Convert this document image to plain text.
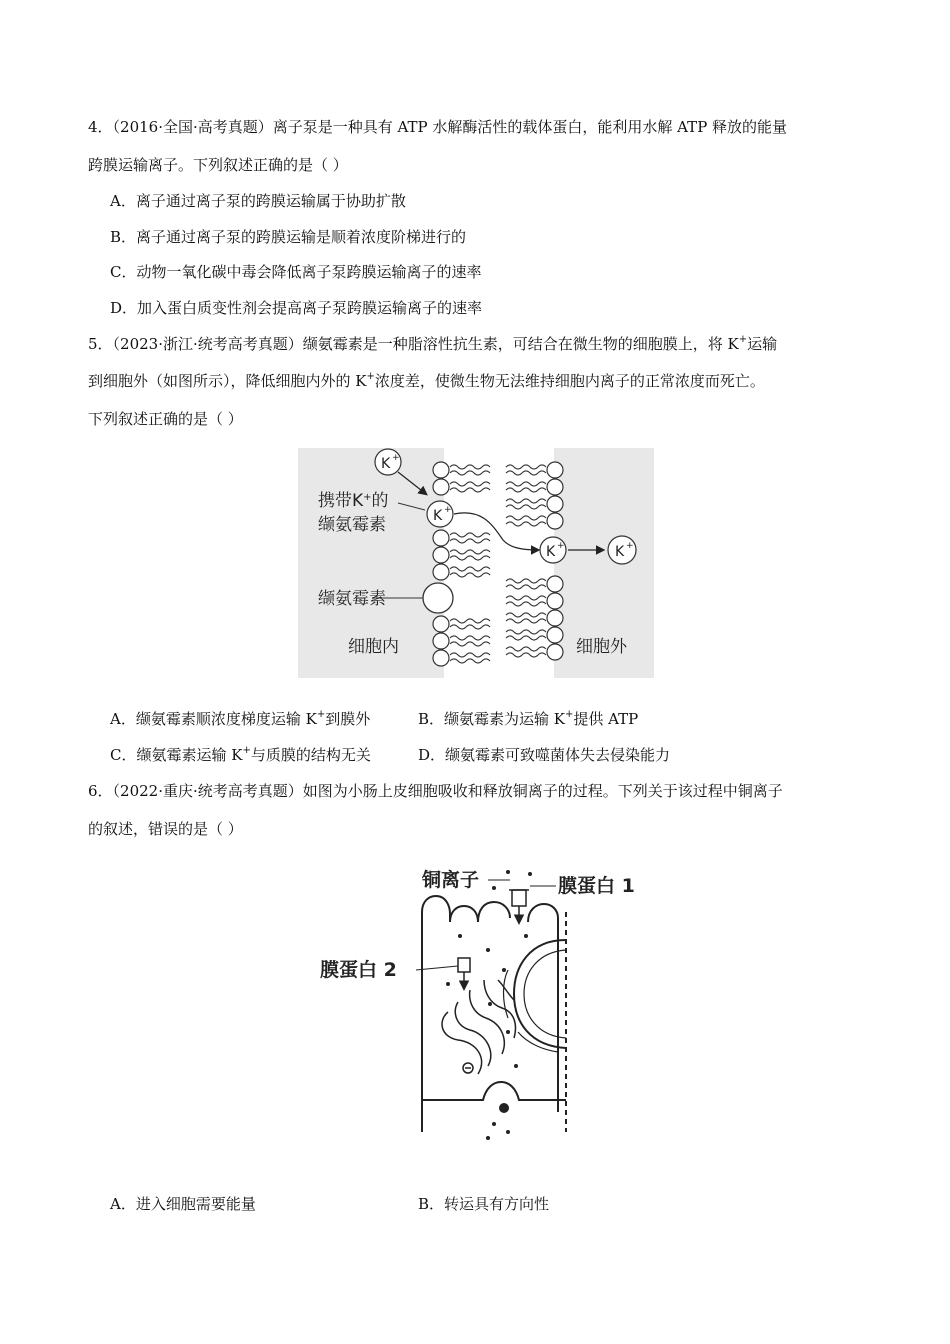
4．（2016·全国·高考真题）离子泵是一种具有 ATP 水解酶活性的载体蛋白，能利用水解 ATP 释放的能量
跨膜运输离子。下列叙述正确的是（ ）
A．离子通过离子泵的跨膜运输属于协助扩散
B．离子通过离子泵的跨膜运输是顺着浓度阶梯进行的
C．动物一氧化碳中毒会降低离子泵跨膜运输离子的速率
D．加入蛋白质变性剂会提高离子泵跨膜运输离子的速率
5．（2023·浙江·统考高考真题）缬氨霉素是一种脂溶性抗生素，可结合在微生物的细胞膜上，将 K+运输
到细胞外（如图所示），降低细胞内外的 K+浓度差，使微生物无法维持细胞内离子的正常浓度而死亡。
下列叙述正确的是（ ）
K +
K +
K +	K +
携带K+的
缬氨霉素
缬氨霉素
细胞内	细胞外
A．缬氨霉素顺浓度梯度运输 K+到膜外	B．缬氨霉素为运输 K+提供 ATP
C．缬氨霉素运输 K+与质膜的结构无关	D．缬氨霉素可致噬菌体失去侵染能力
6．（2022·重庆·统考高考真题）如图为小肠上皮细胞吸收和释放铜离子的过程。下列关于该过程中铜离子
的叙述，错误的是（ ）
铜离子	膜蛋白 1
膜蛋白 2
A．进入细胞需要能量	B．转运具有方向性
